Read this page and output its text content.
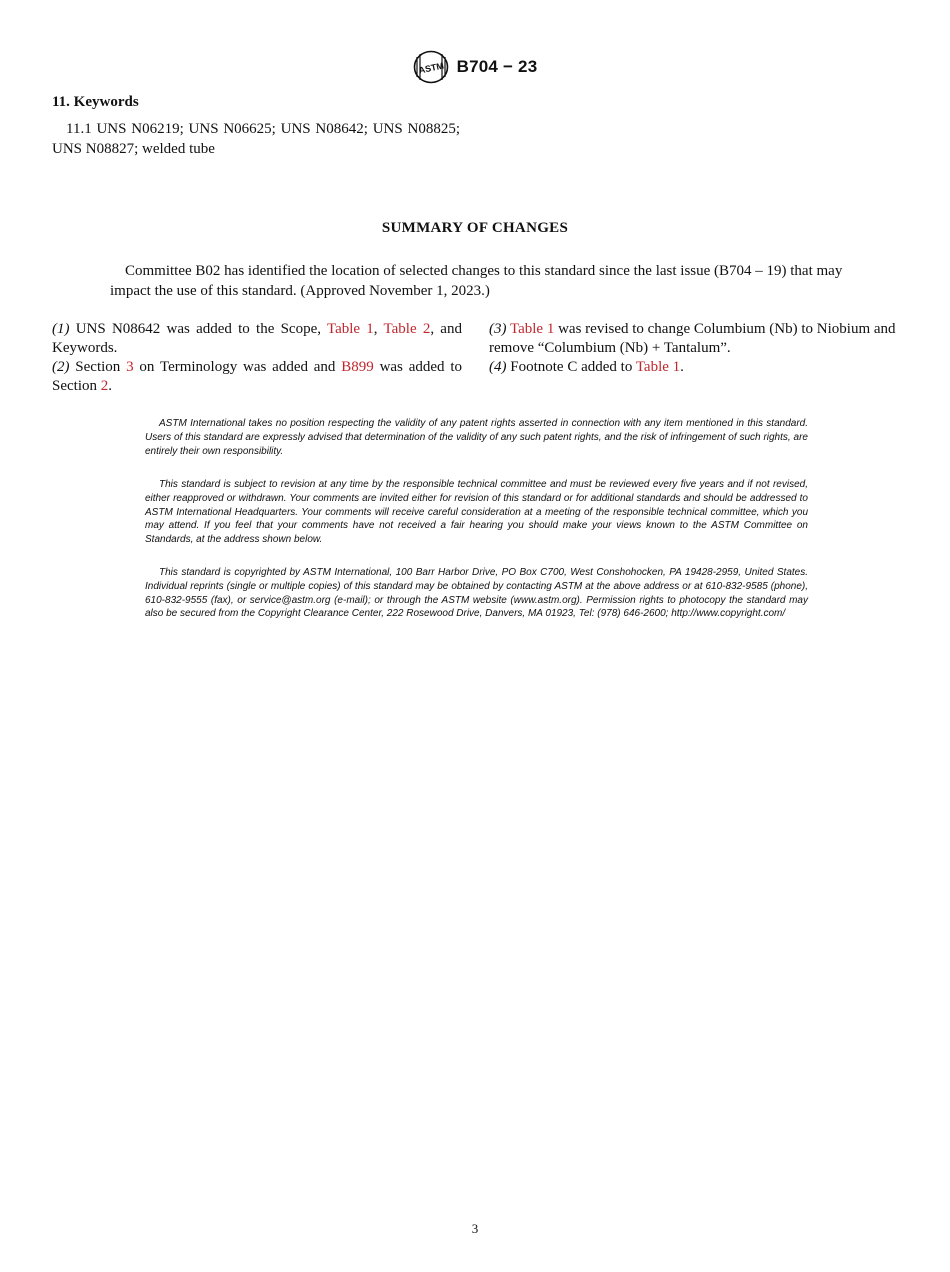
ASTM B704 − 23
11. Keywords
11.1 UNS N06219; UNS N06625; UNS N08642; UNS N08825; UNS N08827; welded tube
SUMMARY OF CHANGES
Committee B02 has identified the location of selected changes to this standard since the last issue (B704 – 19) that may impact the use of this standard. (Approved November 1, 2023.)

(1) UNS N08642 was added to the Scope, Table 1, Table 2, and Keywords.

(2) Section 3 on Terminology was added and B899 was added to Section 2.

(3) Table 1 was revised to change Columbium (Nb) to Niobium and remove “Columbium (Nb) + Tantalum”.

(4) Footnote C added to Table 1.

ASTM International takes no position respecting the validity of any patent rights asserted in connection with any item mentioned in this standard. Users of this standard are expressly advised that determination of the validity of any such patent rights, and the risk of infringement of such rights, are entirely their own responsibility.
This standard is subject to revision at any time by the responsible technical committee and must be reviewed every five years and if not revised, either reapproved or withdrawn. Your comments are invited either for revision of this standard or for additional standards and should be addressed to ASTM International Headquarters. Your comments will receive careful consideration at a meeting of the responsible technical committee, which you may attend. If you feel that your comments have not received a fair hearing you should make your views known to the ASTM Committee on Standards, at the address shown below.
This standard is copyrighted by ASTM International, 100 Barr Harbor Drive, PO Box C700, West Conshohocken, PA 19428-2959, United States. Individual reprints (single or multiple copies) of this standard may be obtained by contacting ASTM at the above address or at 610-832-9585 (phone), 610-832-9555 (fax), or service@astm.org (e-mail); or through the ASTM website (www.astm.org). Permission rights to photocopy the standard may also be secured from the Copyright Clearance Center, 222 Rosewood Drive, Danvers, MA 01923, Tel: (978) 646-2600; http://www.copyright.com/
3
